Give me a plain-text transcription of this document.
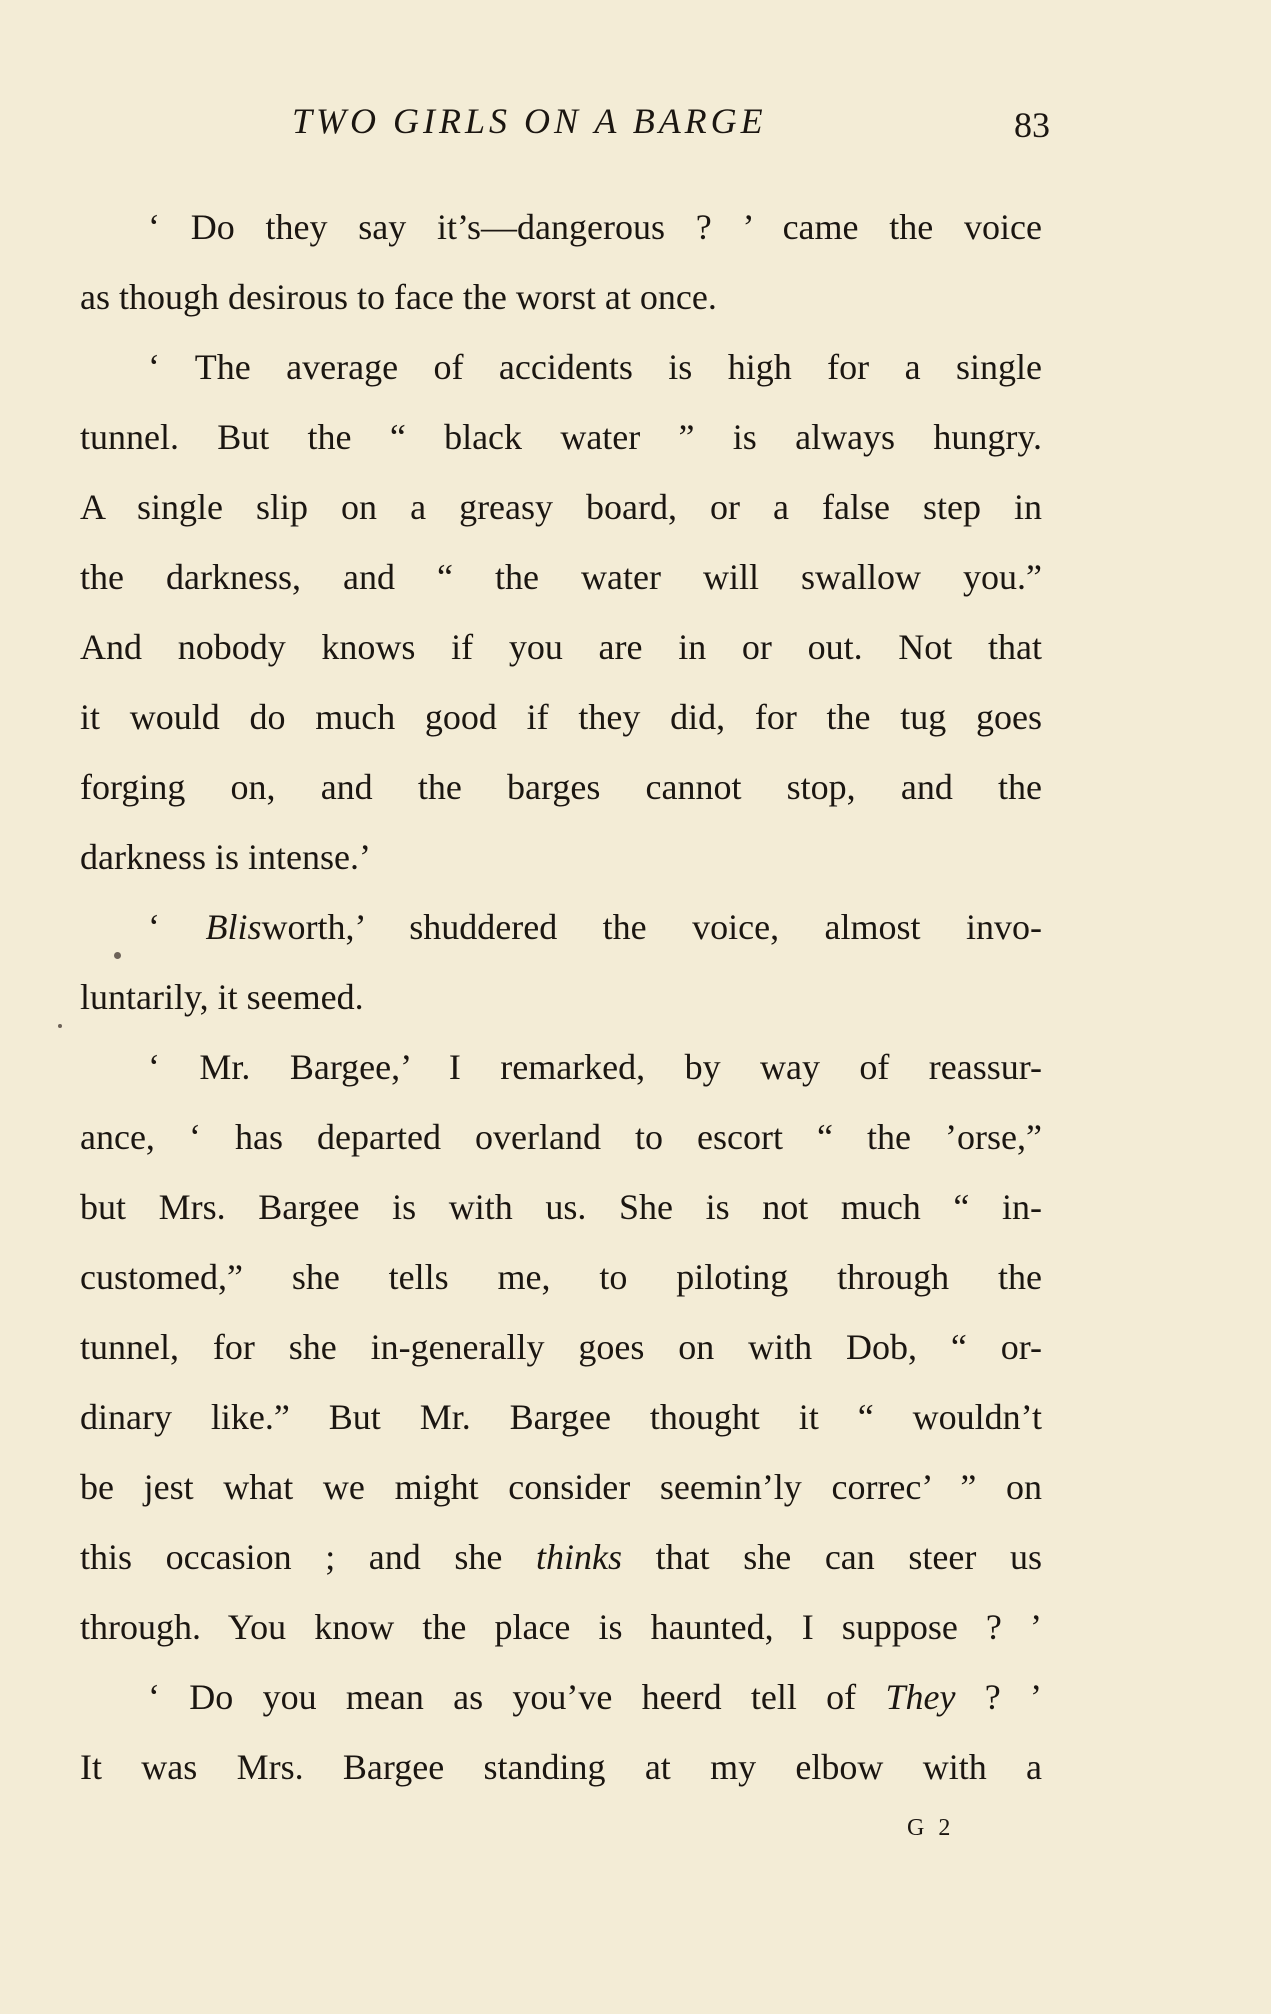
TWO GIRLS ON A BARGE	83
‘ Do they say it’s—dangerous ? ’ came the voice
as though desirous to face the worst at once.
‘ The average of accidents is high for a single
tunnel. But the “ black water ” is always hungry.
A single slip on a greasy board, or a false step in
the darkness, and “ the water will swallow you.”
And nobody knows if you are in or out. Not that
it would do much good if they did, for the tug goes
forging on, and the barges cannot stop, and the
darkness is intense.’
‘ Blisworth,’ shuddered the voice, almost invo-
luntarily, it seemed.
‘ Mr. Bargee,’ I remarked, by way of reassur-
ance, ‘ has departed overland to escort “ the ’orse,”
but Mrs. Bargee is with us. She is not much “ in-
customed,” she tells me, to piloting through the
tunnel, for she in-generally goes on with Dob, “ or-
dinary like.” But Mr. Bargee thought it “ wouldn’t
be jest what we might consider seemin’ly correc’ ” on
this occasion ; and she thinks that she can steer us
through. You know the place is haunted, I suppose ? ’
‘ Do you mean as you’ve heerd tell of They ? ’
It was Mrs. Bargee standing at my elbow with a
G 2
